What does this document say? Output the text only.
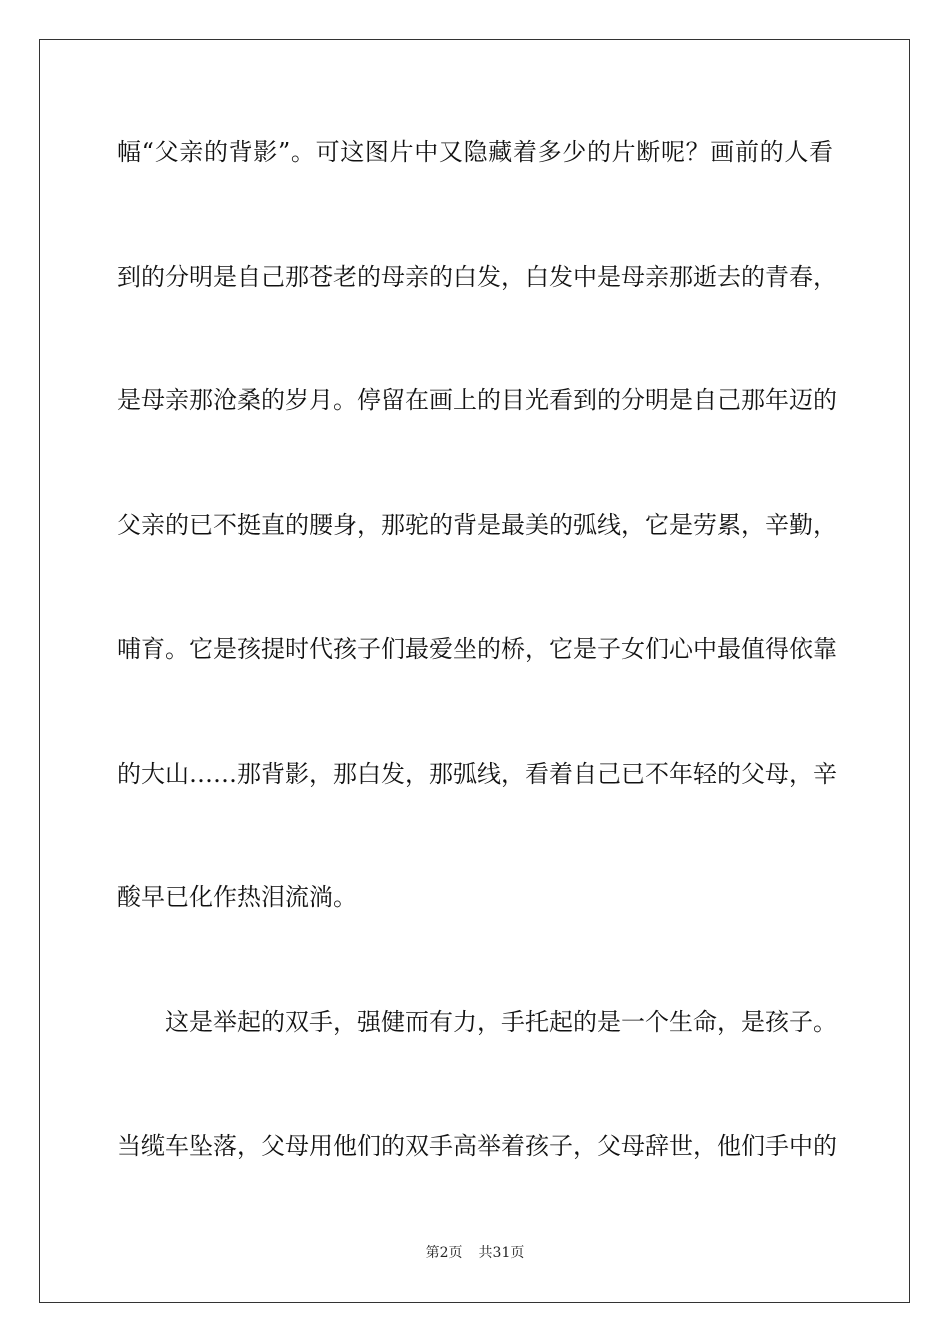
幅“父亲的背影”。可这图片中又隐藏着多少的片断呢？画前的人看
到的分明是自己那苍老的母亲的白发，白发中是母亲那逝去的青春，
是母亲那沧桑的岁月。停留在画上的目光看到的分明是自己那年迈的
父亲的已不挺直的腰身，那驼的背是最美的弧线，它是劳累，辛勤，
哺育。它是孩提时代孩子们最爱坐的桥，它是子女们心中最值得依靠
的大山……那背影，那白发，那弧线，看着自己已不年轻的父母，辛
酸早已化作热泪流淌。
这是举起的双手，强健而有力，手托起的是一个生命，是孩子。
当缆车坠落，父母用他们的双手高举着孩子，父母辞世，他们手中的
第2页 共31页
